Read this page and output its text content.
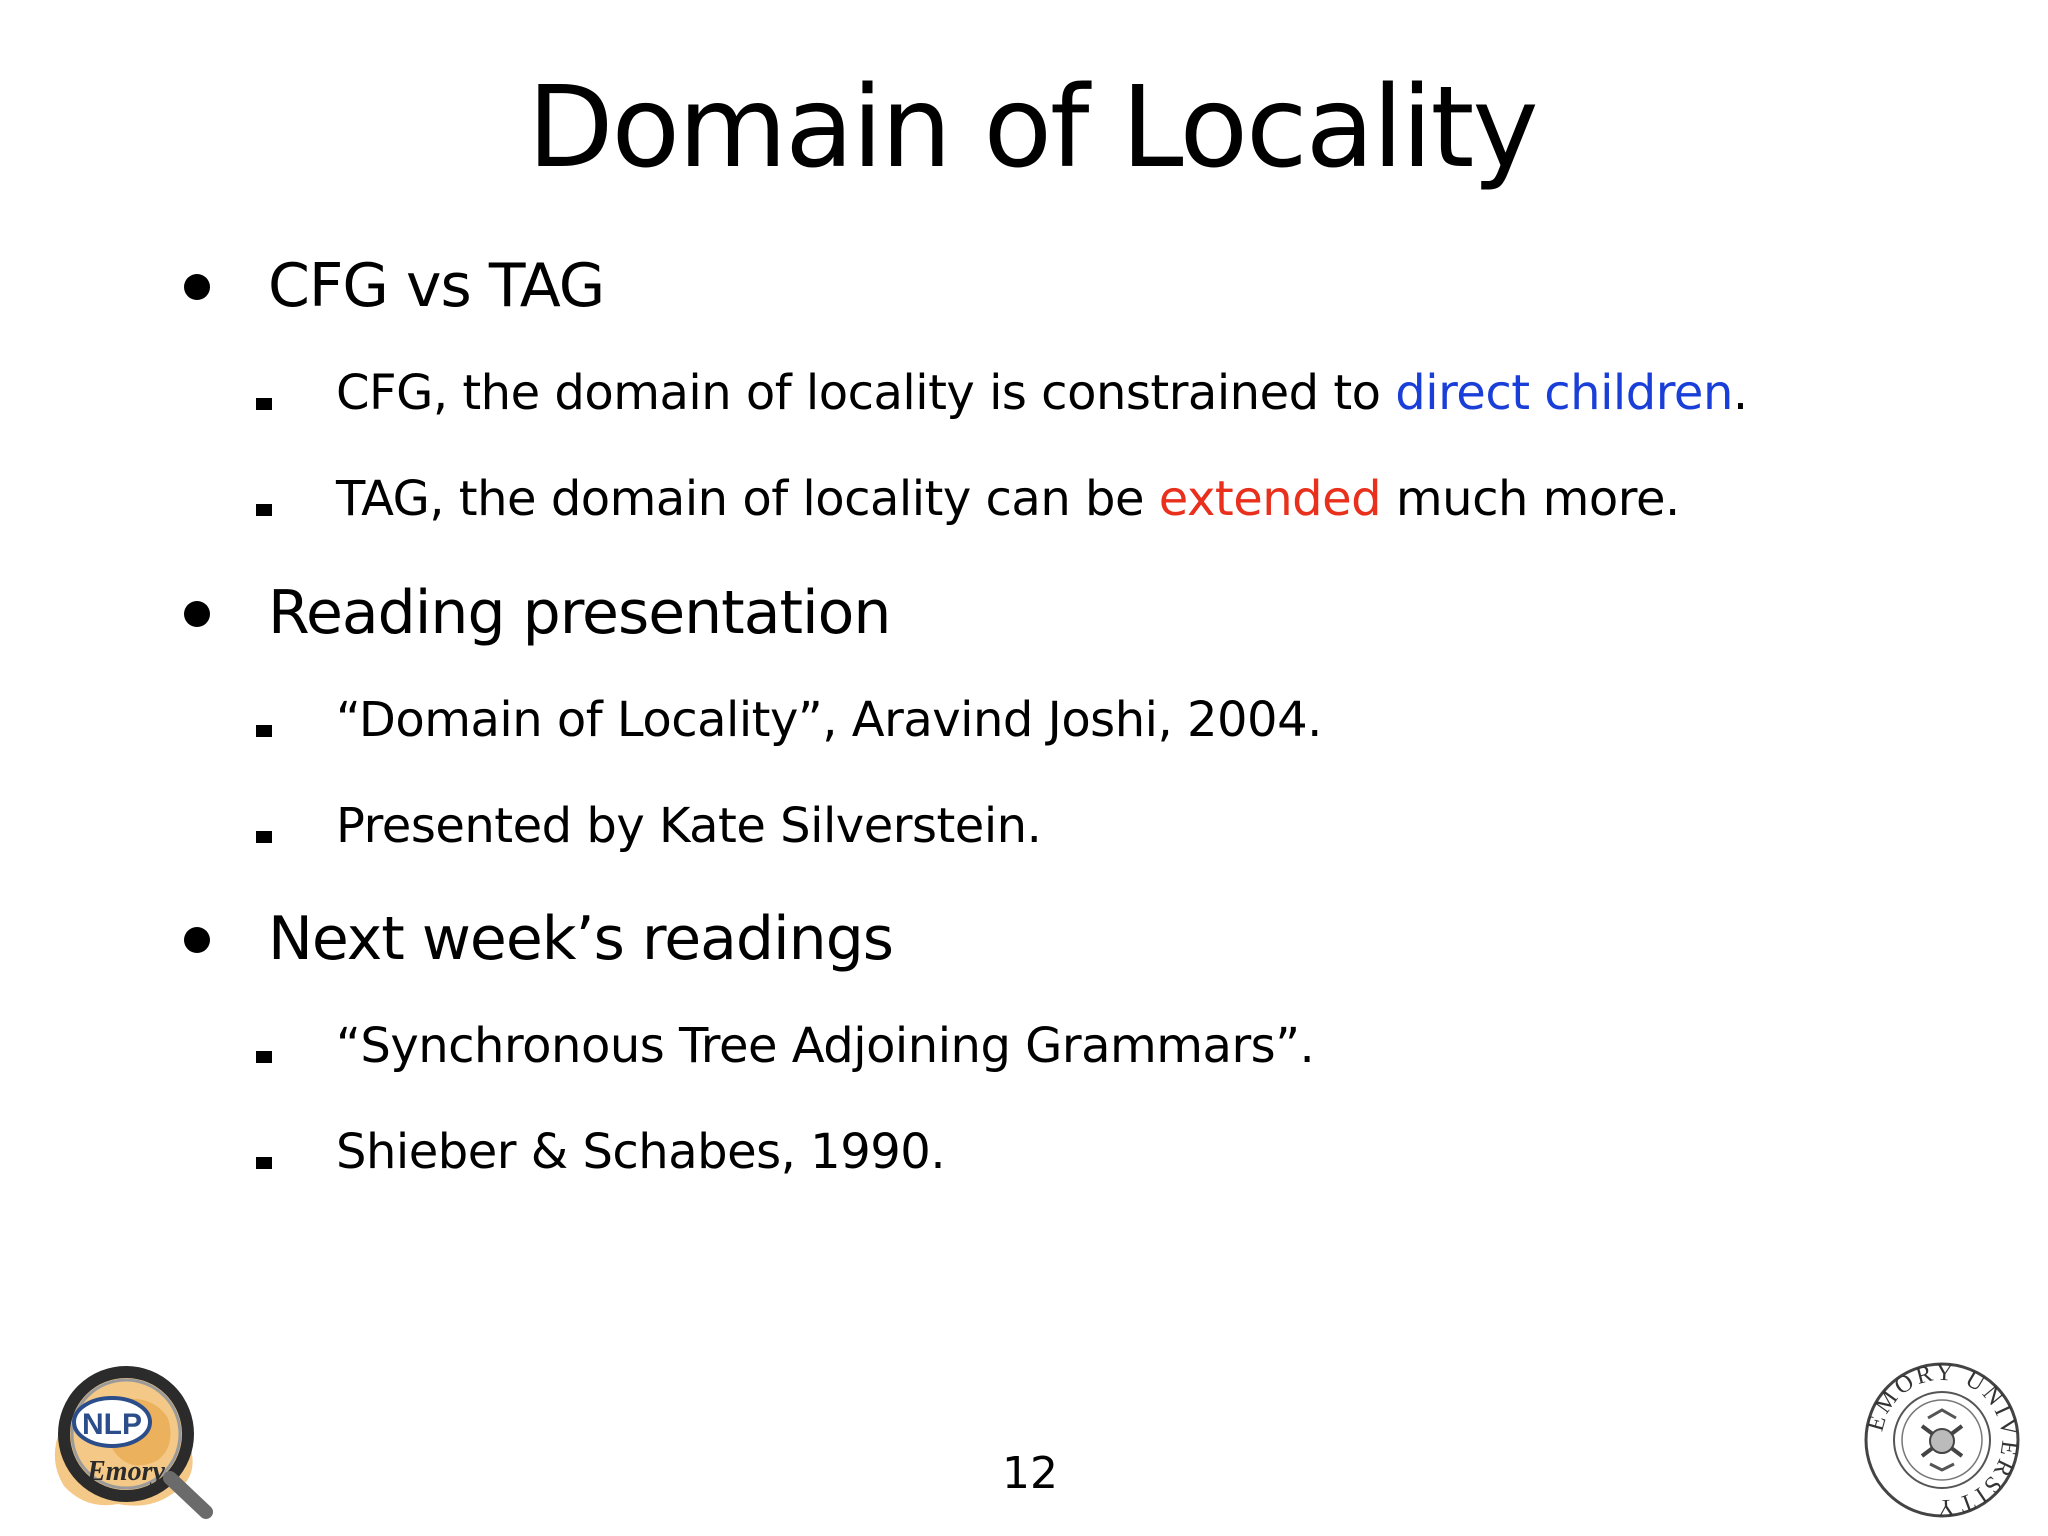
Domain of Locality
CFG vs TAG
CFG, the domain of locality is constrained to direct children.
TAG, the domain of locality can be extended much more.
Reading presentation
“Domain of Locality”, Aravind Joshi, 2004.
Presented by Kate Silverstein.
Next week’s readings
“Synchronous Tree Adjoining Grammars”.
Shieber & Schabes, 1990.
12
NLP
Emory
EMORY UNIVERSITY
